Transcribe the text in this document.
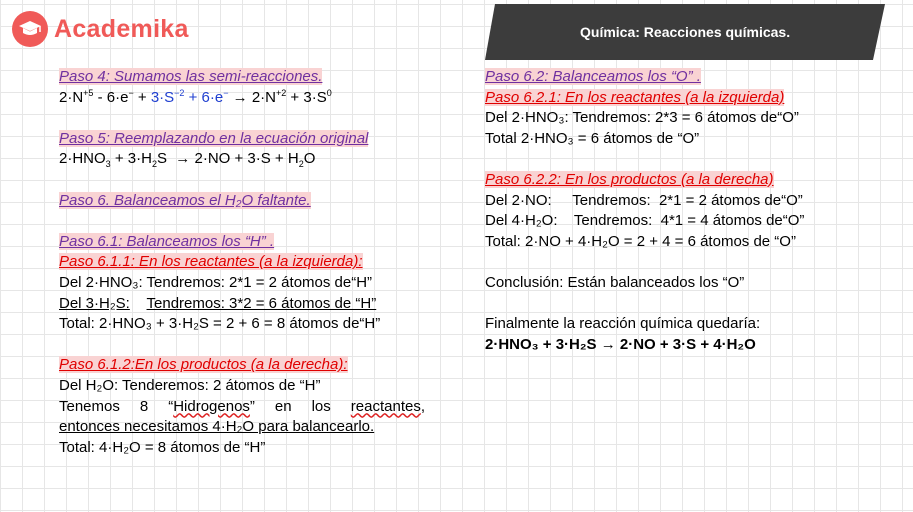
Academika	Química: Reacciones químicas.
Paso 4: Sumamos las semi-reacciones.
$2\cdot N^{+5} - 6\cdot e^- + 3\cdot S^{-2} + 6\cdot e^- \to 2\cdot N^{+2} + 3\cdot S^0$
Paso 5: Reemplazando en la ecuación original
$2\cdot HNO_3 + 3\cdot H_2S \to 2\cdot NO + 3\cdot S + H_2O$
Paso 6. Balanceamos el H₂O faltante.
Paso 6.1: Balanceamos los “H” .
Paso 6.1.1: En los reactantes (a la izquierda):
Del 2·HNO₃: Tendremos: 2*1 = 2 átomos de“H”
Del 3·H₂S: Tendremos: 3*2 = 6 átomos de “H”
Total: 2·HNO₃ + 3·H₂S = 2 + 6 = 8 átomos de“H”
Paso 6.1.2:En los productos (a la derecha):
Del H₂O: Tenderemos: 2 átomos de “H”
Tenemos 8 “Hidrogenos” en los reactantes,
entonces necesitamos 4·H₂O para balancearlo.
Total: 4·H₂O = 8 átomos de “H”
Paso 6.2: Balanceamos los “O” .
Paso 6.2.1: En los reactantes (a la izquierda)
Del 2·HNO₃: Tendremos: 2*3 = 6 átomos de“O”
Total 2·HNO₃ = 6 átomos de “O”
Paso 6.2.2: En los productos (a la derecha)
Del 2·NO:     Tendremos:  2*1 = 2 átomos de“O”
Del 4·H₂O:    Tendremos:  4*1 = 4 átomos de“O”
Total: 2·NO + 4·H₂O = 2 + 4 = 6 átomos de “O”
Conclusión: Están balanceados los “O”
Finalmente la reacción química quedaría:
2·HNO₃ + 3·H₂S → 2·NO + 3·S + 4·H₂O
